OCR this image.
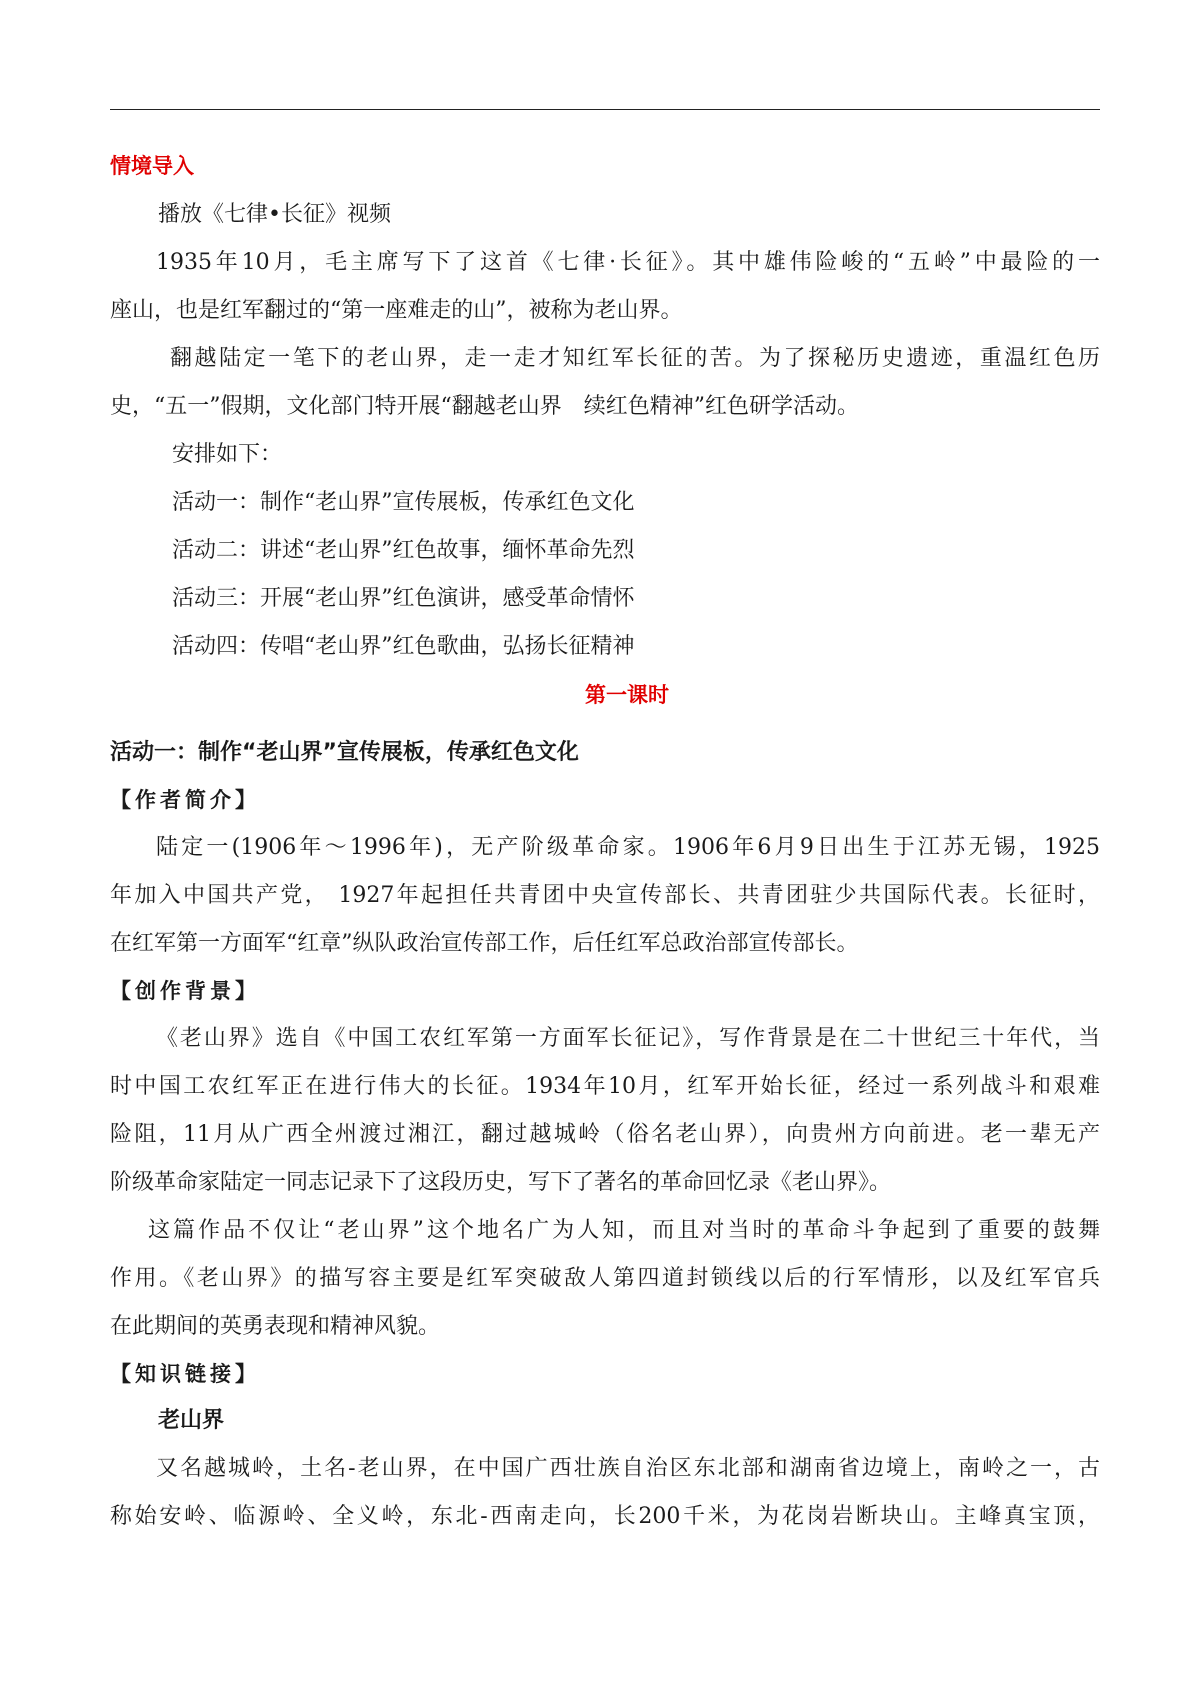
情境导入
播放《七律•长征》视频
1935年10月，毛主席写下了这首《七律·长征》。其中雄伟险峻的“五岭”中最险的一
座山，也是红军翻过的“第一座难走的山”，被称为老山界。
翻越陆定一笔下的老山界，走一走才知红军长征的苦。为了探秘历史遗迹，重温红色历
史，“五一”假期，文化部门特开展“翻越老山界　续红色精神”红色研学活动。
安排如下：
活动一：制作“老山界”宣传展板，传承红色文化
活动二：讲述“老山界”红色故事，缅怀革命先烈
活动三：开展“老山界”红色演讲，感受革命情怀
活动四：传唱“老山界”红色歌曲，弘扬长征精神
第一课时
活动一：制作“老山界”宣传展板，传承红色文化
【作者简介】
陆定一(1906年～1996年)，无产阶级革命家。1906年6月9日出生于江苏无锡，1925
年加入中国共产党， 1927年起担任共青团中央宣传部长、共青团驻少共国际代表。长征时，
在红军第一方面军“红章”纵队政治宣传部工作，后任红军总政治部宣传部长。
【创作背景】
《老山界》选自《中国工农红军第一方面军长征记》，写作背景是在二十世纪三十年代，当
时中国工农红军正在进行伟大的长征。1934年10月，红军开始长征，经过一系列战斗和艰难
险阻，11月从广西全州渡过湘江，翻过越城岭（俗名老山界），向贵州方向前进。老一辈无产
阶级革命家陆定一同志记录下了这段历史，写下了著名的革命回忆录《老山界》。
这篇作品不仅让“老山界”这个地名广为人知，而且对当时的革命斗争起到了重要的鼓舞
作用。《老山界》的描写容主要是红军突破敌人第四道封锁线以后的行军情形，以及红军官兵
在此期间的英勇表现和精神风貌。
【知识链接】
老山界
又名越城岭，土名-老山界，在中国广西壮族自治区东北部和湖南省边境上，南岭之一，古
称始安岭、临源岭、全义岭，东北-西南走向，长200千米，为花岗岩断块山。主峰真宝顶，
